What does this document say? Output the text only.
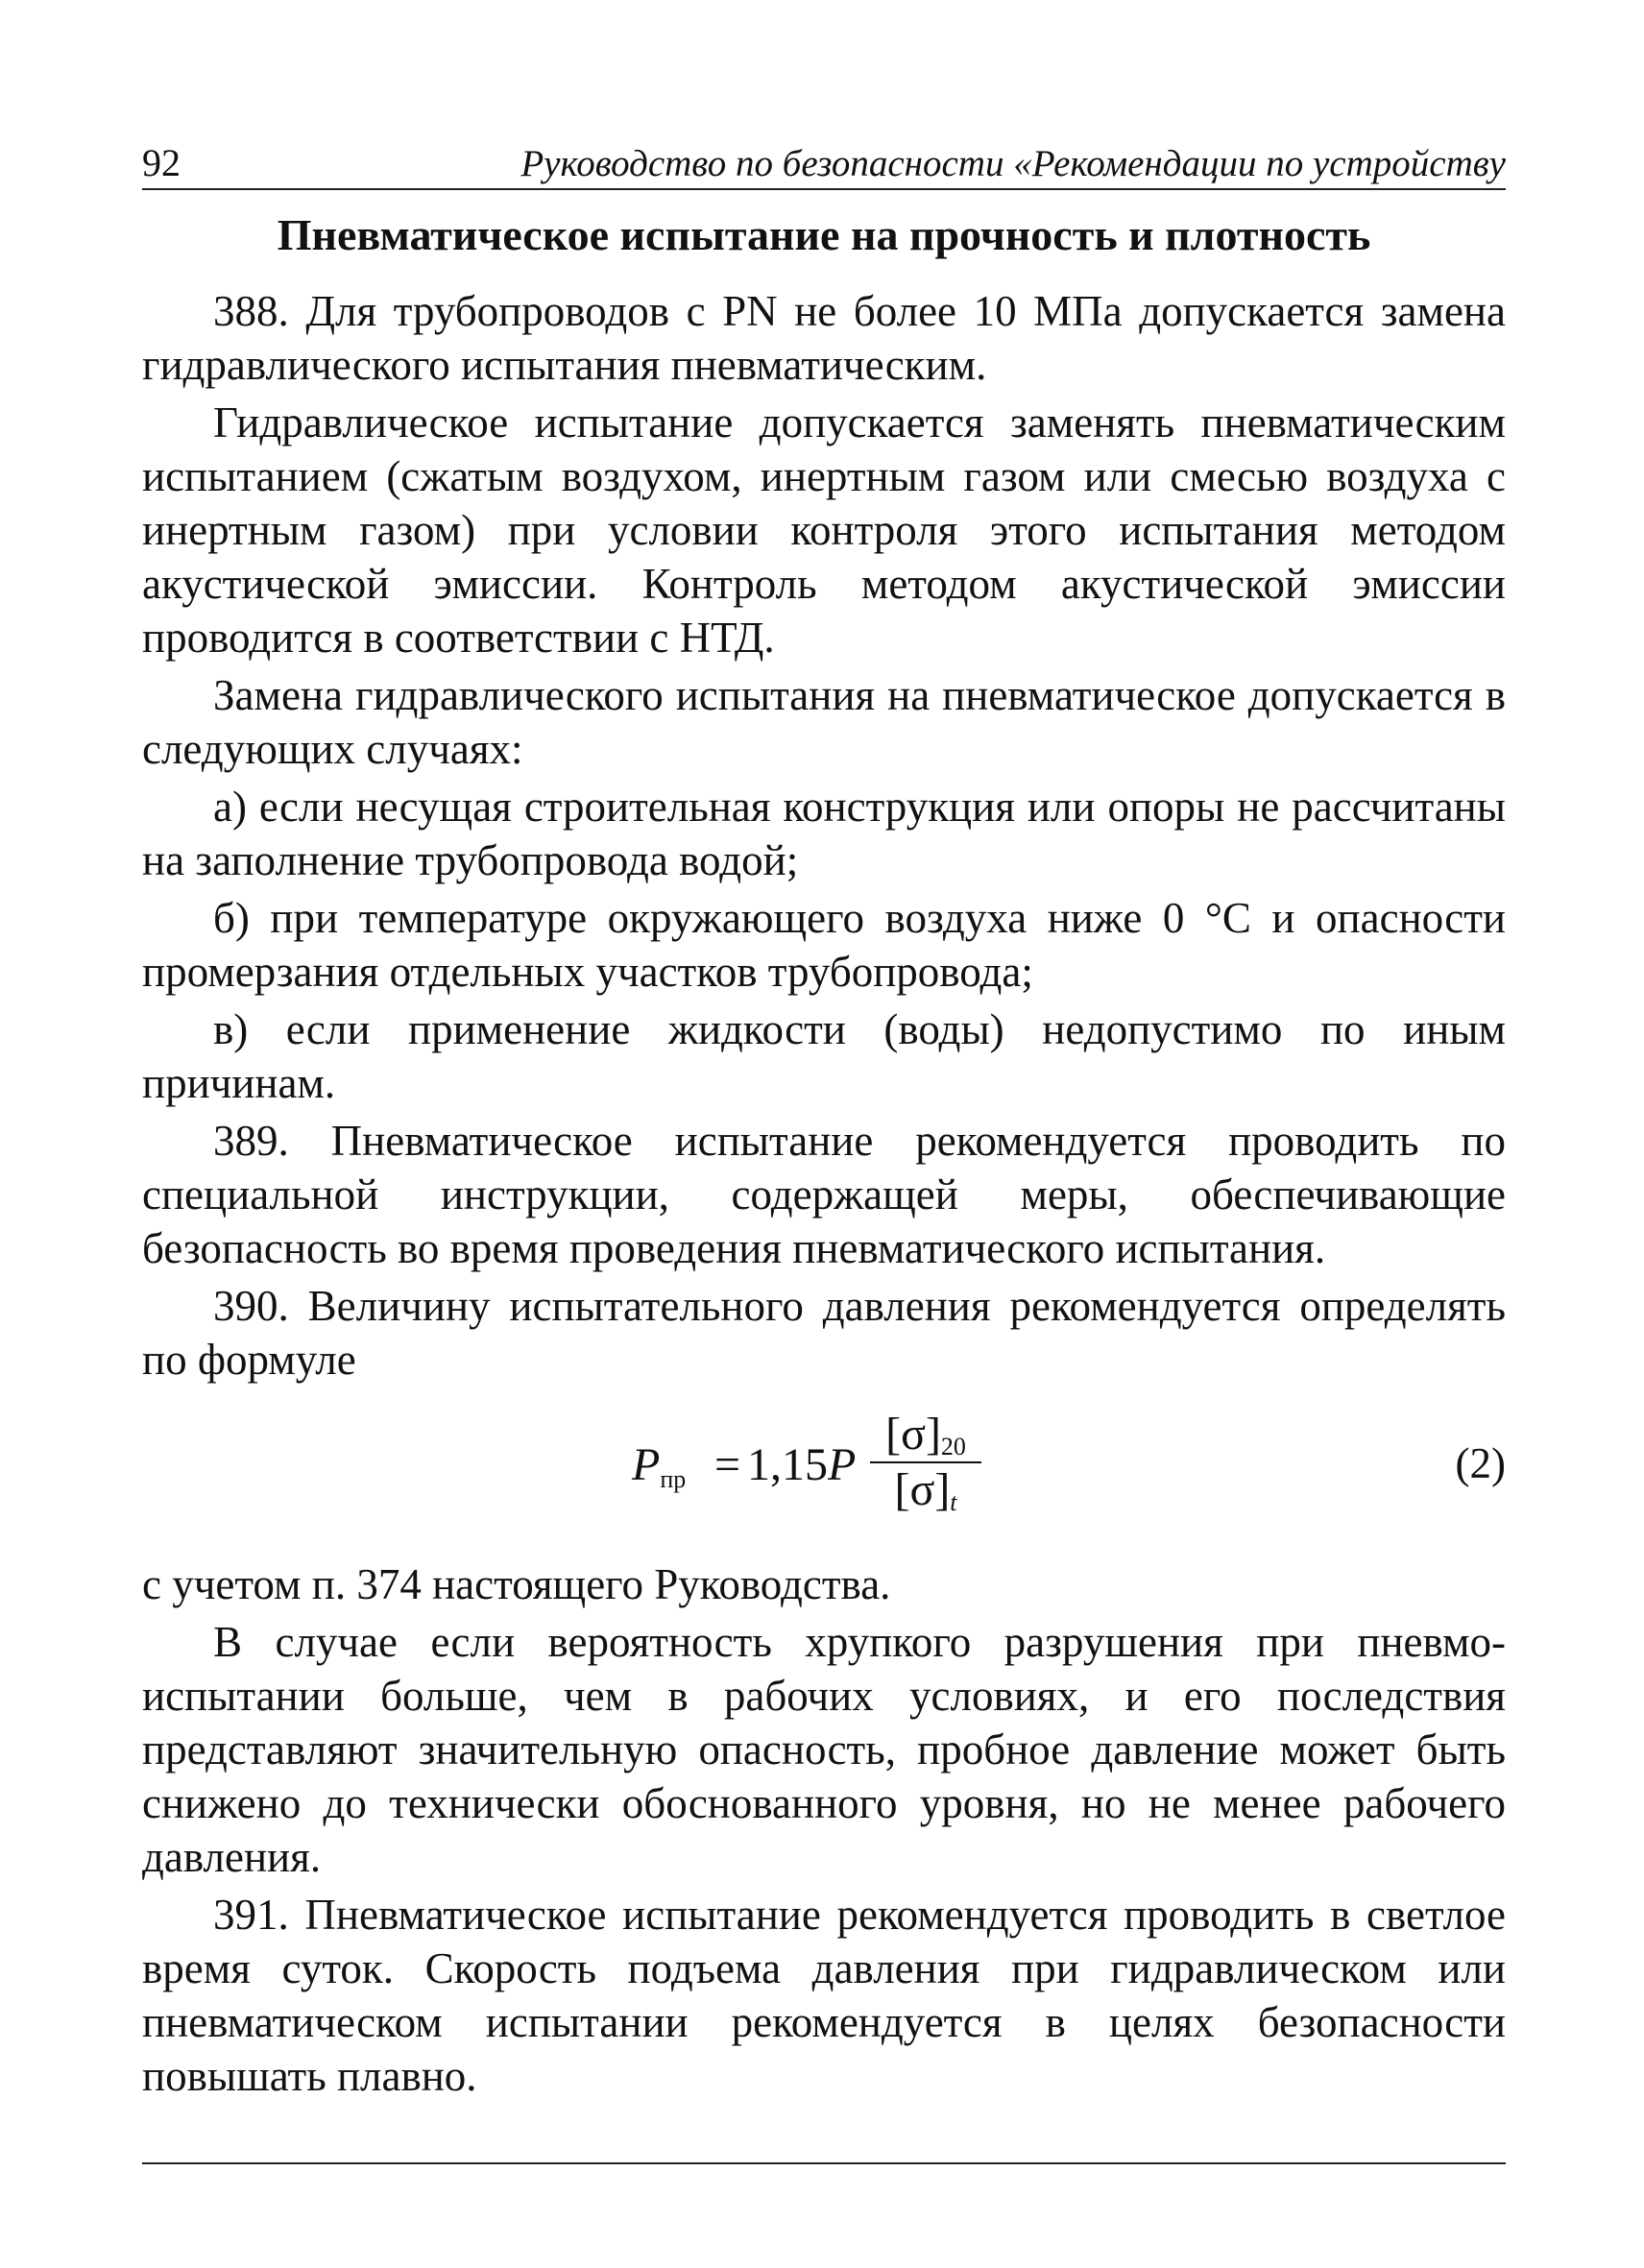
92	Руководство по безопасности «Рекомендации по устройству
Пневматическое испытание на прочность и плотность

388. Для трубопроводов с PN не более 10 МПа допускается замена гидравлического испытания пневматическим.

Гидравлическое испытание допускается заменять пневматическим испытанием (сжатым воздухом, инертным газом или смесью воздуха с инертным газом) при условии контроля этого испытания методом акустической эмиссии. Контроль методом акустической эмиссии проводится в соответствии с НТД.

Замена гидравлического испытания на пневматическое допускается в следующих случаях:

а) если несущая строительная конструкция или опоры не рассчитаны на заполнение трубопровода водой;

б) при температуре окружающего воздуха ниже 0 °С и опасности промерзания отдельных участков трубопровода;

в) если применение жидкости (воды) недопустимо по иным причинам.

389. Пневматическое испытание рекомендуется проводить по специальной инструкции, содержащей меры, обеспечивающие безопасность во время проведения пневматического испытания.

390. Величину испытательного давления рекомендуется определять по формуле

$P_{пр} = 1,15P$
$[\sigma]_{20}$
$[\sigma]_t$
(2)

с учетом п. 374 настоящего Руководства.

В случае если вероятность хрупкого разрушения при пневмоиспытании больше, чем в рабочих условиях, и его последствия представляют значительную опасность, пробное давление может быть снижено до технически обоснованного уровня, но не менее рабочего давления.

391. Пневматическое испытание рекомендуется проводить в светлое время суток. Скорость подъема давления при гидравлическом или пневматическом испытании рекомендуется в целях безопасности повышать плавно.
